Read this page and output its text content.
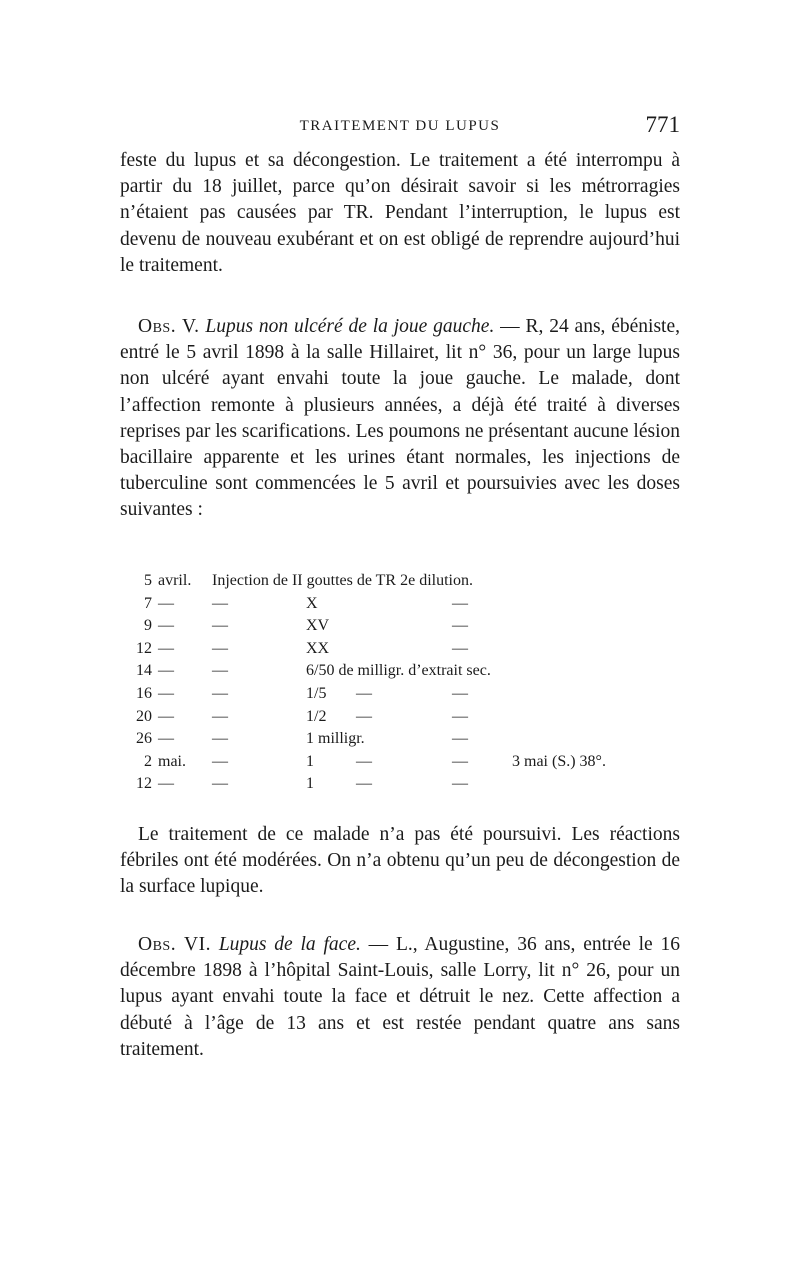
TRAITEMENT DU LUPUS	771

feste du lupus et sa décongestion. Le traitement a été interrompu à partir du 18 juillet, parce qu’on désirait savoir si les métrorragies n’étaient pas causées par TR. Pendant l’interruption, le lupus est devenu de nouveau exubérant et on est obligé de reprendre aujourd’hui le traitement.

Obs. V. Lupus non ulcéré de la joue gauche. — R, 24 ans, ébéniste, entré le 5 avril 1898 à la salle Hillairet, lit n° 36, pour un large lupus non ulcéré ayant envahi toute la joue gauche. Le malade, dont l’affection remonte à plusieurs années, a déjà été traité à diverses reprises par les scarifications. Les poumons ne présentant aucune lésion bacillaire apparente et les urines étant normales, les injections de tuberculine sont commencées le 5 avril et poursuivies avec les doses suivantes :

5 avril. Injection de II gouttes de TR 2e dilution.
7 — —	X	—
9 — —	XV	—
12 — —	XX	—
14 — —	6/50 de milligr. d’extrait sec.
16 — —	1/5 —	—
20 — —	1/2 —	—
26 — —	1 milligr.	—
2 mai. —	1	—	—	3 mai (S.) 38°.
12 — —	1	—	—

Le traitement de ce malade n’a pas été poursuivi. Les réactions fébriles ont été modérées. On n’a obtenu qu’un peu de décongestion de la surface lupique.

Obs. VI. Lupus de la face. — L., Augustine, 36 ans, entrée le 16 décembre 1898 à l’hôpital Saint-Louis, salle Lorry, lit n° 26, pour un lupus ayant envahi toute la face et détruit le nez. Cette affection a débuté à l’âge de 13 ans et est restée pendant quatre ans sans traitement.
